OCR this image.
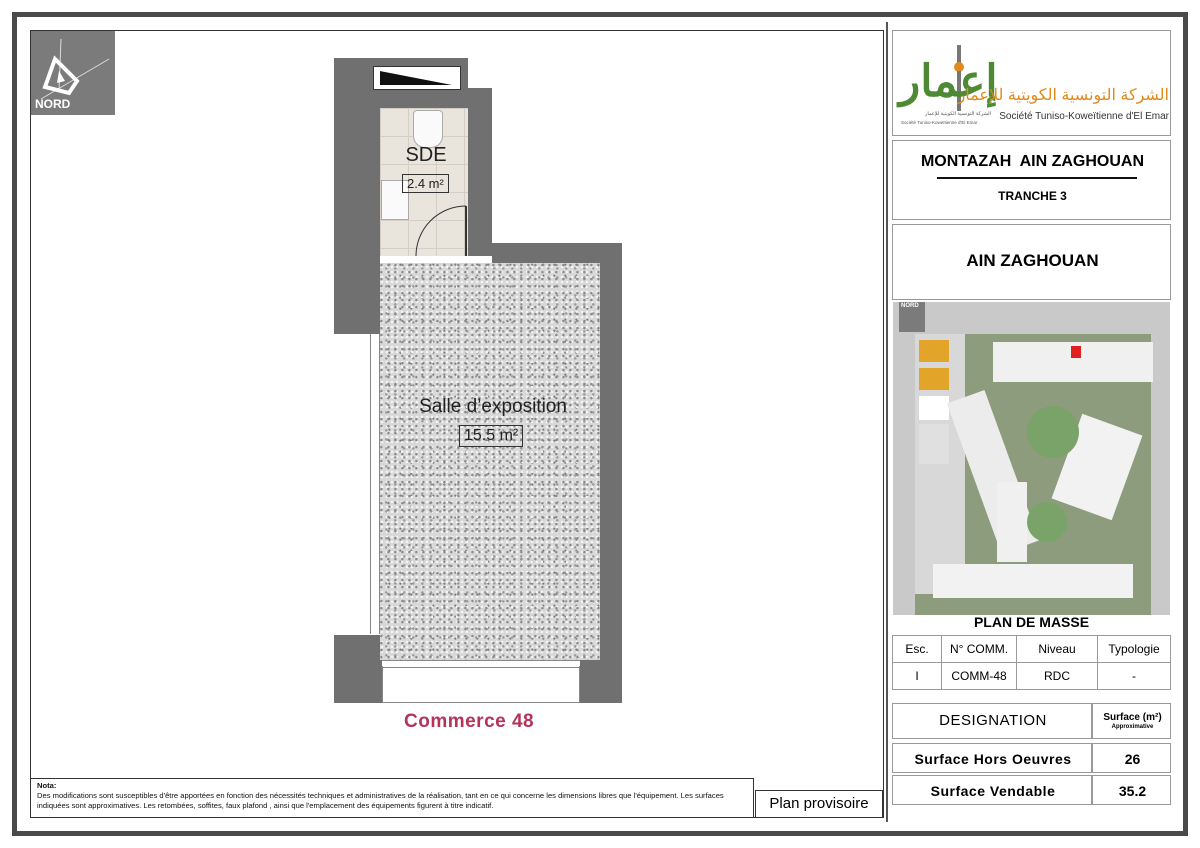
NORD
SDE
2.4 m²
Salle d’exposition
15.5 m²
Commerce 48
Nota:
Des modifications sont susceptibles d'être apportées en fonction des nécessités techniques et administratives de la réalisation, tant en ce qui concerne les dimensions libres que l'équipement. Les surfaces indiquées sont approximatives. Les retombées, soffites, faux plafond , ainsi que l'emplacement des équipements figurent à titre indicatif.	Plan provisoire
إعمار
الشركة التونسية الكويتية للإعمار
Société Tuniso-Koweïtienne d'El Emar
الشركة التونسية الكويتية للإعمار
Société Tuniso-Koweïtienne d'El Emar
MONTAZAH  AIN ZAGHOUAN
TRANCHE 3
AIN ZAGHOUAN
NORD
PLAN DE MASSE
Esc.	N° COMM.	Niveau	Typologie
I	COMM-48	RDC	-
DESIGNATION	Surface (m²)
Approximative
Surface Hors Oeuvres	26
Surface Vendable	35.2
